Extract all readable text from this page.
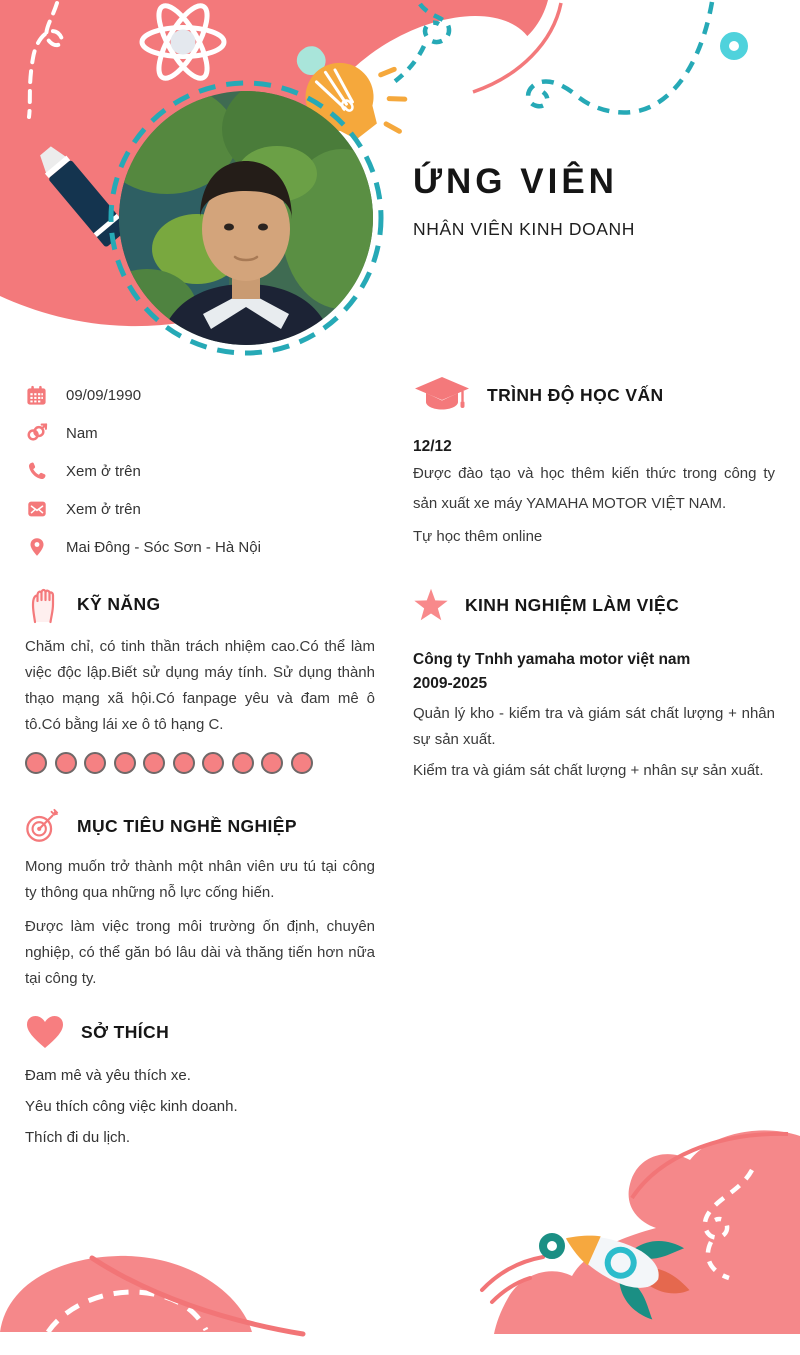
ỨNG VIÊN
NHÂN VIÊN KINH DOANH
09/09/1990
Nam
Xem ở trên
Xem ở trên
Mai Đông - Sóc Sơn - Hà Nội
KỸ NĂNG

Chăm chỉ, có tinh thần trách nhiệm cao.Có thể làm việc độc lập.Biết sử dụng máy tính. Sử dụng thành thạo mạng xã hội.Có fanpage yêu và đam mê ô tô.Có bằng lái xe ô tô hạng C.

MỤC TIÊU NGHỀ NGHIỆP

Mong muốn trở thành một nhân viên ưu tú tại công ty thông qua những nỗ lực cống hiến.

Được làm việc trong môi trường ốn định, chuyên nghiệp, có thể găn bó lâu dài và thăng tiến hơn nữa tại công ty.

SỞ THÍCH
Đam mê và yêu thích xe.
Yêu thích công việc kinh doanh.
Thích đi du lịch.
TRÌNH ĐỘ HỌC VẤN
12/12

Được đào tạo và học thêm kiến thức trong công ty sản xuất xe máy YAMAHA MOTOR VIỆT NAM.

Tự học thêm online

KINH NGHIỆM LÀM VIỆC
Công ty Tnhh yamaha motor việt nam
2009-2025

Quản lý kho - kiểm tra và giám sát chất lượng + nhân sự sản xuất.

Kiểm tra và giám sát chất lượng + nhân sự sản xuất.
